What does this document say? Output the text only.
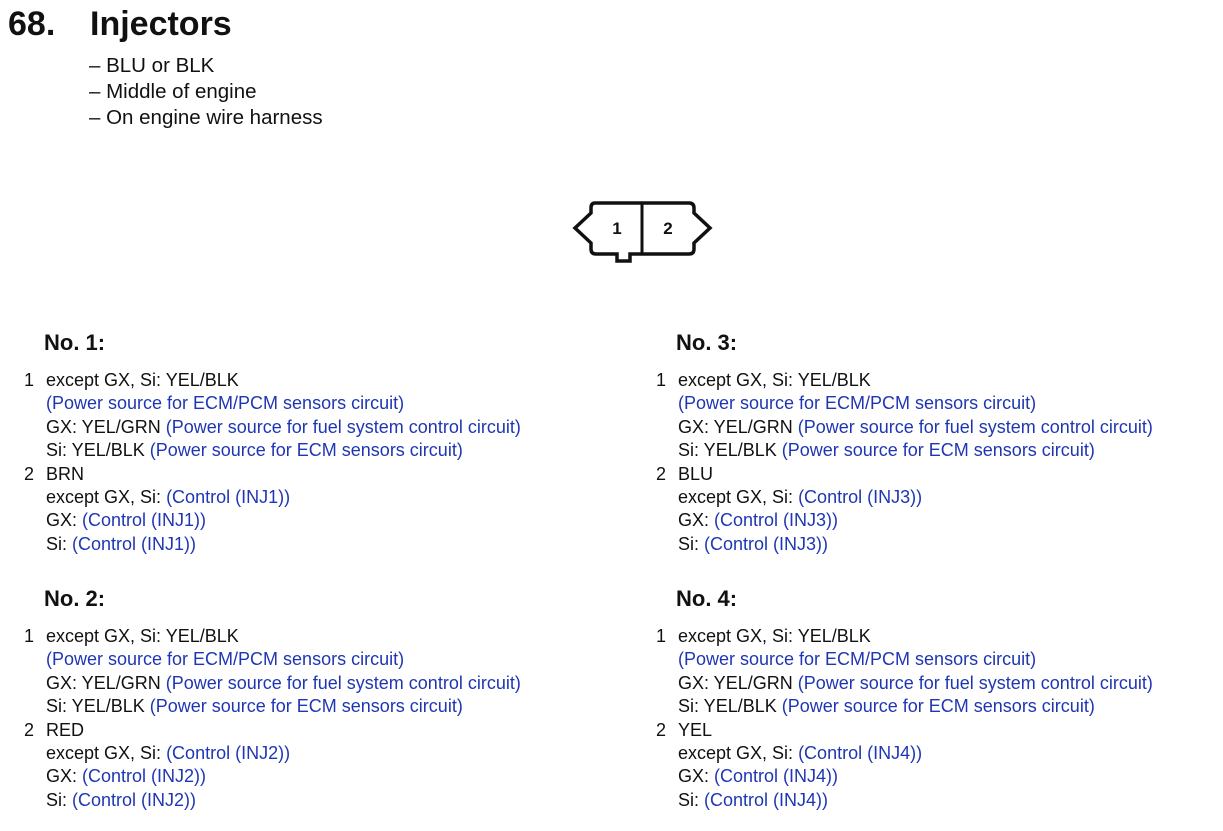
68. Injectors
– BLU or BLK
– Middle of engine
– On engine wire harness
1 2
No. 1:
1 except GX, Si: YEL/BLK
(Power source for ECM/PCM sensors circuit)
GX: YEL/GRN (Power source for fuel system control circuit)
Si: YEL/BLK (Power source for ECM sensors circuit)
2 BRN
except GX, Si: (Control (INJ1))
GX: (Control (INJ1))
Si: (Control (INJ1))
No. 2:
1 except GX, Si: YEL/BLK
(Power source for ECM/PCM sensors circuit)
GX: YEL/GRN (Power source for fuel system control circuit)
Si: YEL/BLK (Power source for ECM sensors circuit)
2 RED
except GX, Si: (Control (INJ2))
GX: (Control (INJ2))
Si: (Control (INJ2))
No. 3:
1 except GX, Si: YEL/BLK
(Power source for ECM/PCM sensors circuit)
GX: YEL/GRN (Power source for fuel system control circuit)
Si: YEL/BLK (Power source for ECM sensors circuit)
2 BLU
except GX, Si: (Control (INJ3))
GX: (Control (INJ3))
Si: (Control (INJ3))
No. 4:
1 except GX, Si: YEL/BLK
(Power source for ECM/PCM sensors circuit)
GX: YEL/GRN (Power source for fuel system control circuit)
Si: YEL/BLK (Power source for ECM sensors circuit)
2 YEL
except GX, Si: (Control (INJ4))
GX: (Control (INJ4))
Si: (Control (INJ4))
